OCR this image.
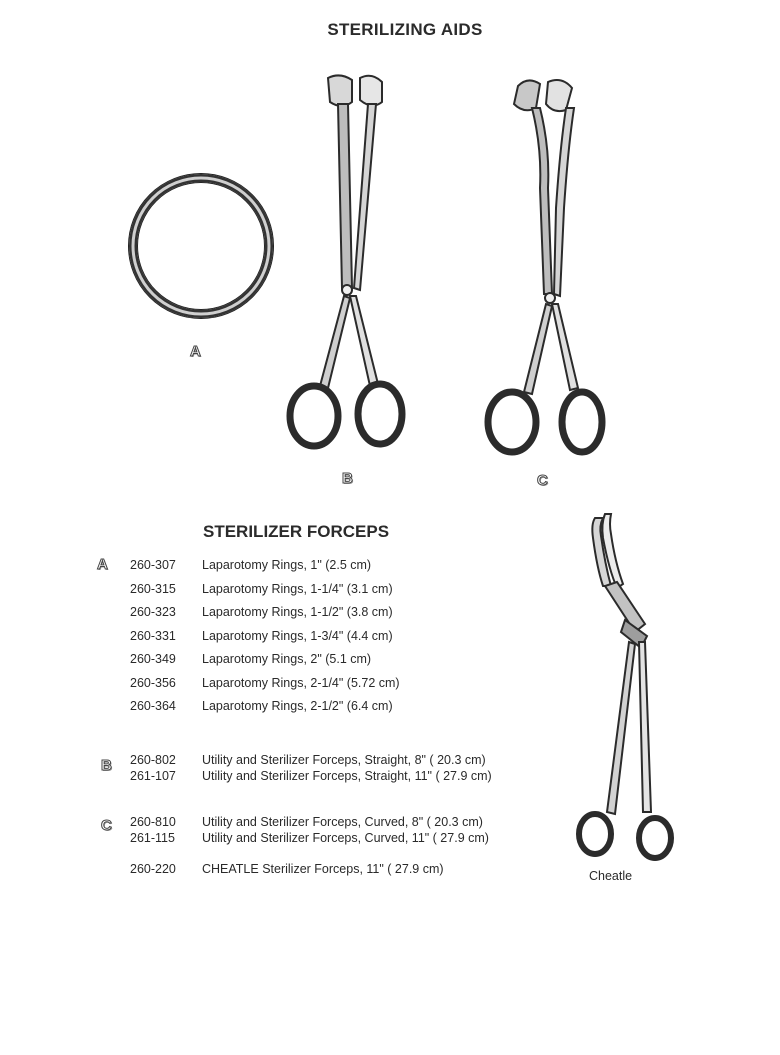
STERILIZING AIDS
A
B	C
STERILIZER FORCEPS
A 260-307 Laparotomy Rings, 1" (2.5 cm)
260-315 Laparotomy Rings, 1-1/4" (3.1 cm)
260-323 Laparotomy Rings, 1-1/2" (3.8 cm)
260-331 Laparotomy Rings, 1-3/4" (4.4 cm)
260-349 Laparotomy Rings, 2" (5.1 cm)
260-356 Laparotomy Rings, 2-1/4" (5.72 cm)
260-364 Laparotomy Rings, 2-1/2" (6.4 cm)
B 260-802 Utility and Sterilizer Forceps, Straight, 8" ( 20.3 cm)
261-107 Utility and Sterilizer Forceps, Straight, 11" ( 27.9 cm)
C 260-810 Utility and Sterilizer Forceps, Curved, 8" ( 20.3 cm)
261-115 Utility and Sterilizer Forceps, Curved, 11" ( 27.9 cm)
260-220 CHEATLE Sterilizer Forceps, 11" ( 27.9 cm)	Cheatle
